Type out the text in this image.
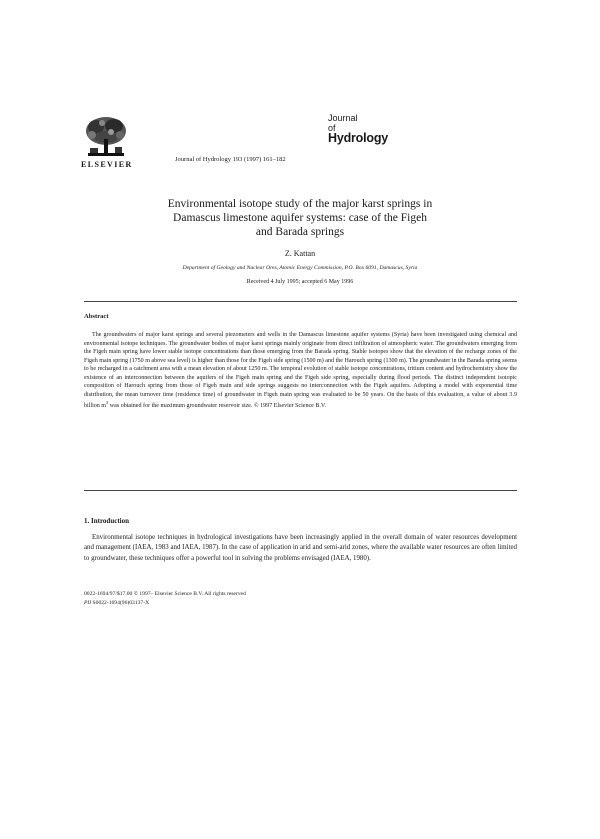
ELSEVIER
Journal of Hydrology 193 (1997) 161–182
Journal
of
Hydrology
Environmental isotope study of the major karst springs in
Damascus limestone aquifer systems: case of the Figeh
and Barada springs
Z. Kattan
Department of Geology and Nuclear Ores, Atomic Energy Commission, P.O. Box 6091, Damascus, Syria
Received 4 July 1995; accepted 6 May 1996
Abstract
The groundwaters of major karst springs and several piezometers and wells in the Damascus limestone aquifer systems (Syria) have been investigated using chemical and environmental isotope techniques. The groundwater bodies of major karst springs mainly originate from direct infiltration of atmospheric water. The groundwaters emerging from the Figeh main spring have lower stable isotope concentrations than those emerging from the Barada spring. Stable isotopes show that the elevation of the recharge zones of the Figeh main spring (1750 m above sea level) is higher than those for the Figeh side spring (1500 m) and the Harouch spring (1300 m). The groundwater in the Barada spring seems to be recharged in a catchment area with a mean elevation of about 1250 m. The temporal evolution of stable isotope concentrations, tritium content and hydrochemistry show the existence of an interconnection between the aquifers of the Figeh main spring and the Figeh side spring, especially during flood periods. The distinct independent isotopic composition of Harouch spring from those of Figeh main and side springs suggests no interconnection with the Figeh aquifers. Adopting a model with exponential time distribution, the mean turnover time (residence time) of groundwater in Figeh main spring was evaluated to be 50 years. On the basis of this evaluation, a value of about 3.9 billion $m^3$ was obtained for the maximum groundwater reservoir size. © 1997 Elsevier Science B.V.
1. Introduction
Environmental isotope techniques in hydrological investigations have been increasingly applied in the overall domain of water resources development and management (IAEA, 1983 and IAEA, 1987). In the case of application in arid and semi-arid zones, where the available water resources are often limited to groundwater, these techniques offer a powerful tool in solving the problems envisaged (IAEA, 1980).
0022-1694/97/$17.00 © 1997– Elsevier Science B.V. All rights reserved
PII S0022-1694(96)03137-X
